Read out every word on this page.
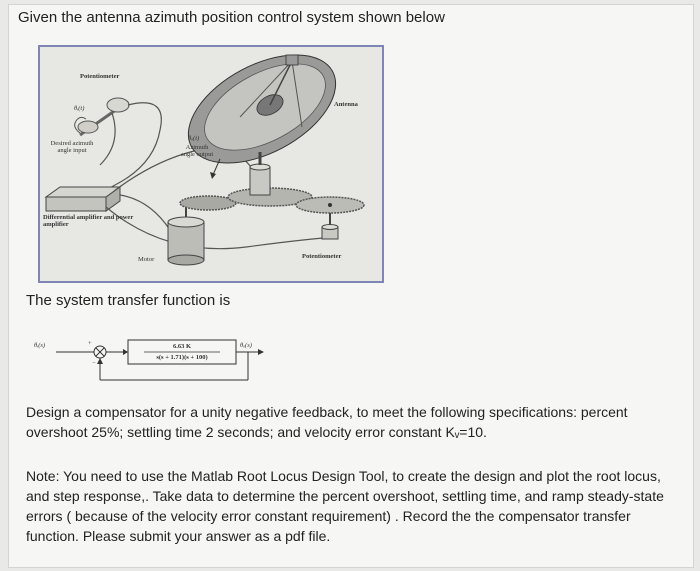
Given the antenna azimuth position control system shown below
Potentiometer
θᵢ(t)
Desired azimuth angle input
Antenna
θₒ(t)
Azimuth angle output
Differential amplifier and power amplifier
Motor	Potentiometer
The system transfer function is
θᵢ(s)	+
−
6.63 K
s(s + 1.71)(s + 100)
θₒ(s)
Design a compensator for a unity negative feedback, to meet the following specifications: percent overshoot 25%; settling time 2 seconds; and velocity error constant Kᵥ=10.
Note: You need to use the Matlab Root Locus Design Tool, to create the design and plot the root locus, and step response,. Take data to determine the percent overshoot, settling time, and ramp steady-state errors ( because of the velocity error constant requirement) . Record the the compensator transfer function. Please submit your answer as a pdf file.
